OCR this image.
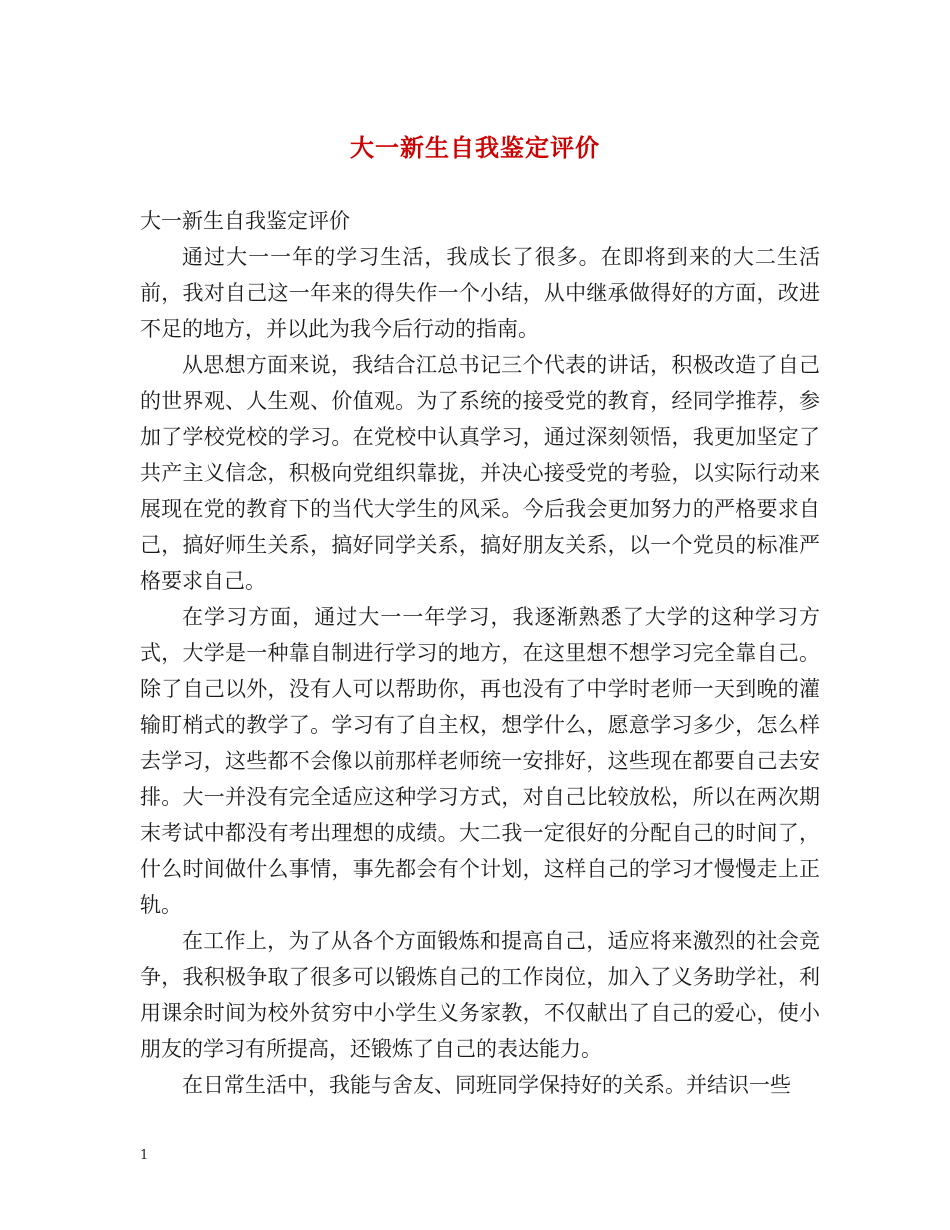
大一新生自我鉴定评价

大一新生自我鉴定评价

通过大一一年的学习生活，我成长了很多。在即将到来的大二生活前，我对自己这一年来的得失作一个小结，从中继承做得好的方面，改进不足的地方，并以此为我今后行动的指南。

从思想方面来说，我结合江总书记三个代表的讲话，积极改造了自己的世界观、人生观、价值观。为了系统的接受党的教育，经同学推荐，参加了学校党校的学习。在党校中认真学习，通过深刻领悟，我更加坚定了共产主义信念，积极向党组织靠拢，并决心接受党的考验，以实际行动来展现在党的教育下的当代大学生的风采。今后我会更加努力的严格要求自己，搞好师生关系，搞好同学关系，搞好朋友关系，以一个党员的标准严格要求自己。

在学习方面，通过大一一年学习，我逐渐熟悉了大学的这种学习方式，大学是一种靠自制进行学习的地方，在这里想不想学习完全靠自己。除了自己以外，没有人可以帮助你，再也没有了中学时老师一天到晚的灌输盯梢式的教学了。学习有了自主权，想学什么，愿意学习多少，怎么样去学习，这些都不会像以前那样老师统一安排好，这些现在都要自己去安排。大一并没有完全适应这种学习方式，对自己比较放松，所以在两次期末考试中都没有考出理想的成绩。大二我一定很好的分配自己的时间了，什么时间做什么事情，事先都会有个计划，这样自己的学习才慢慢走上正轨。

在工作上，为了从各个方面锻炼和提高自己，适应将来激烈的社会竞争，我积极争取了很多可以锻炼自己的工作岗位，加入了义务助学社，利用课余时间为校外贫穷中小学生义务家教，不仅献出了自己的爱心，使小朋友的学习有所提高，还锻炼了自己的表达能力。

在日常生活中，我能与舍友、同班同学保持好的关系。并结识一些

1
